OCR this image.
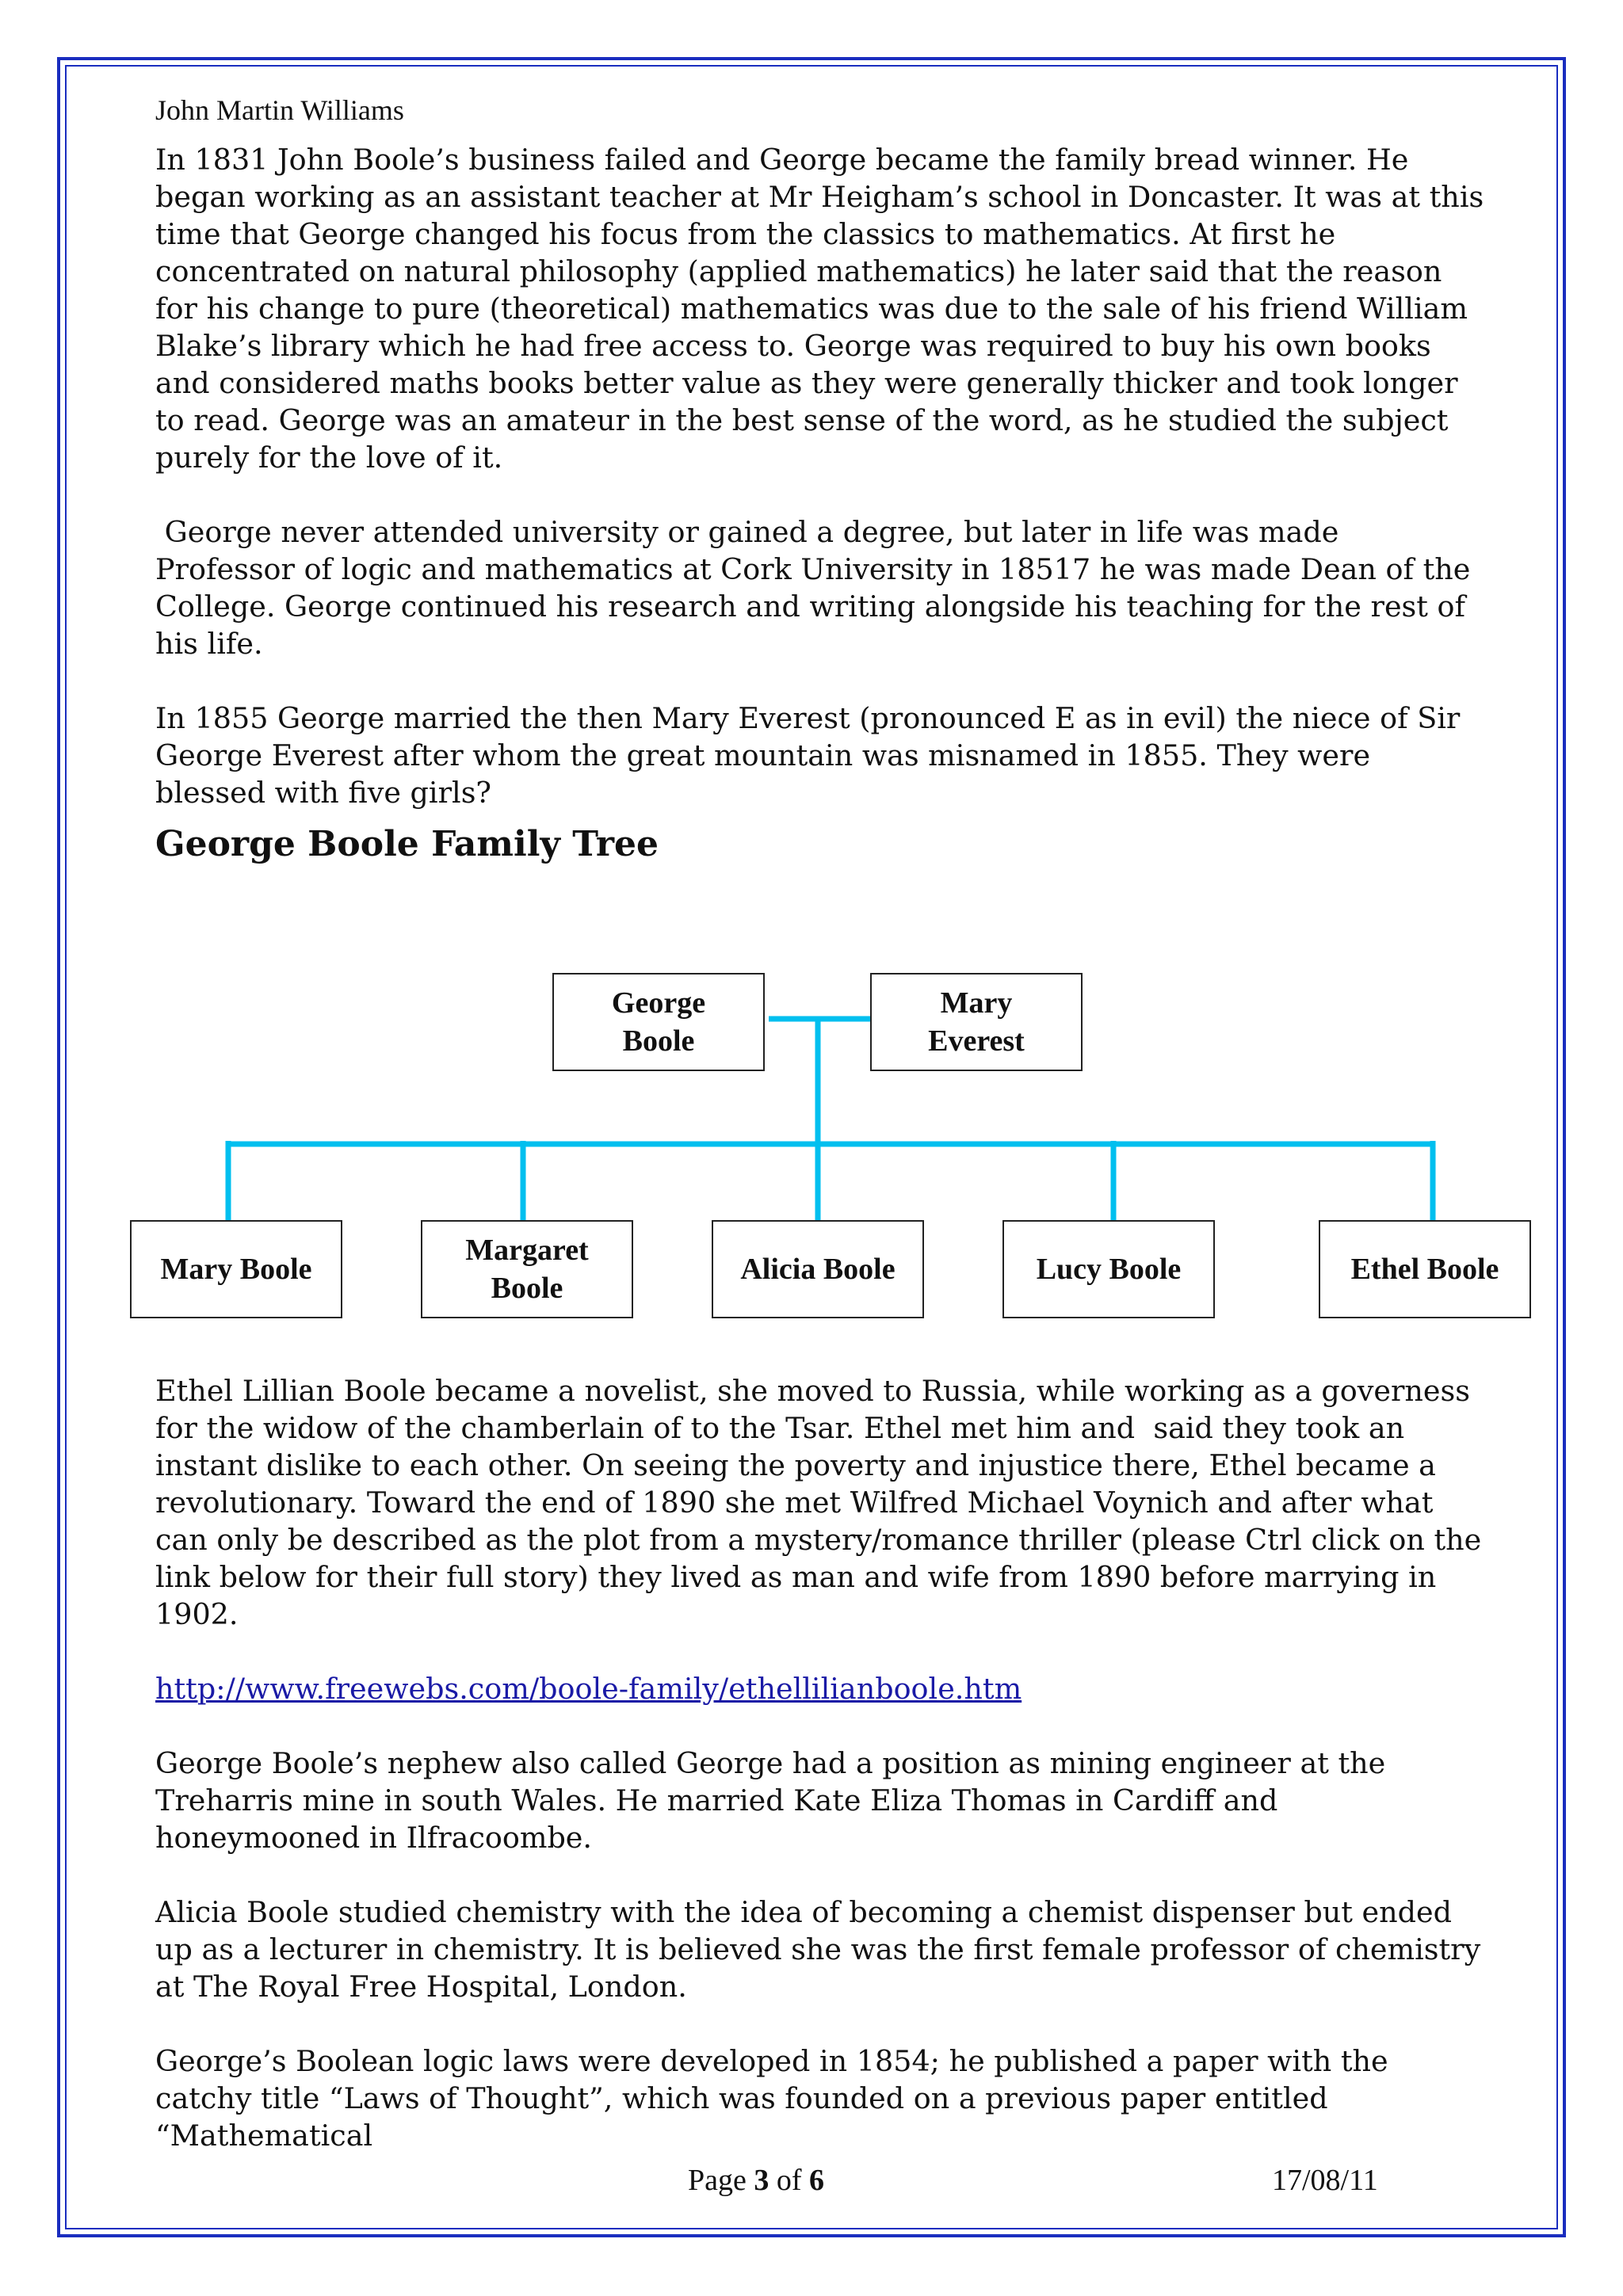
John Martin Williams

In 1831 John Boole’s business failed and George became the family bread winner. He began working as an assistant teacher at Mr Heigham’s school in Doncaster. It was at this time that George changed his focus from the classics to mathematics. At first he concentrated on natural philosophy (applied mathematics) he later said that the reason for his change to pure (theoretical) mathematics was due to the sale of his friend William Blake’s library which he had free access to. George was required to buy his own books and considered maths books better value as they were generally thicker and took longer to read. George was an amateur in the best sense of the word, as he studied the subject purely for the love of it.

George never attended university or gained a degree, but later in life was made Professor of logic and mathematics at Cork University in 18517 he was made Dean of the College. George continued his research and writing alongside his teaching for the rest of his life.

In 1855 George married the then Mary Everest (pronounced E as in evil) the niece of Sir George Everest after whom the great mountain was misnamed in 1855. They were blessed with five girls?

George Boole Family Tree
George
Boole
Mary
Everest
Mary Boole
Margaret
Boole
Alicia Boole	Lucy Boole	Ethel Boole

Ethel Lillian Boole became a novelist, she moved to Russia, while working as a governess for the widow of the chamberlain of to the Tsar. Ethel met him and  said they took an instant dislike to each other. On seeing the poverty and injustice there, Ethel became a revolutionary. Toward the end of 1890 she met Wilfred Michael Voynich and after what can only be described as the plot from a mystery/romance thriller (please Ctrl click on the link below for their full story) they lived as man and wife from 1890 before marrying in 1902.

http://www.freewebs.com/boole-family/ethellilianboole.htm

George Boole’s nephew also called George had a position as mining engineer at the Treharris mine in south Wales. He married Kate Eliza Thomas in Cardiff and honeymooned in Ilfracoombe.

Alicia Boole studied chemistry with the idea of becoming a chemist dispenser but ended up as a lecturer in chemistry. It is believed she was the first female professor of chemistry at The Royal Free Hospital, London.

George’s Boolean logic laws were developed in 1854; he published a paper with the catchy title “Laws of Thought”, which was founded on a previous paper entitled “Mathematical

Page 3 of 6	17/08/11
